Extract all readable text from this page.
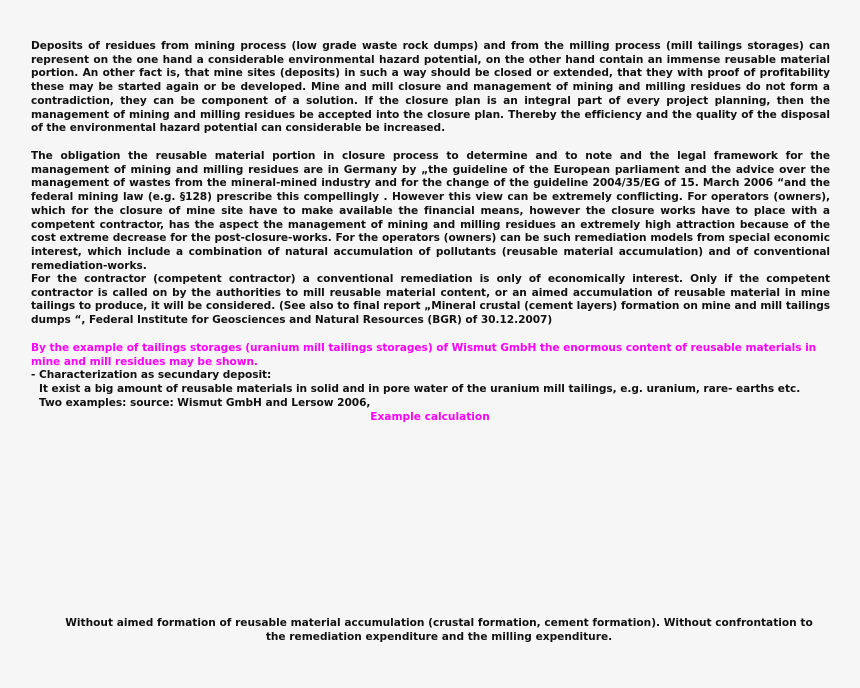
Deposits of residues from mining process (low grade waste rock dumps) and from the milling process (mill tailings storages) can represent on the one hand a considerable environmental hazard potential, on the other hand contain an immense reusable material portion. An other fact is, that mine sites (deposits) in such a way should be closed or extended, that they with proof of profitability these may be started again or be developed. Mine and mill closure and management of mining and milling residues do not form a contradiction, they can be component of a solution. If the closure plan is an integral part of every project planning, then the management of mining and milling residues be accepted into the closure plan. Thereby the efficiency and the quality of the disposal of the environmental hazard potential can considerable be increased.

The obligation the reusable material portion in closure process to determine and to note and the legal framework for the management of mining and milling residues are in Germany by „the guideline of the European parliament and the advice over the management of wastes from the mineral-mined industry and for the change of the guideline 2004/35/EG of 15. March 2006 “and the federal mining law (e.g. §128) prescribe this compellingly . However this view can be extremely conflicting. For operators (owners), which for the closure of mine site have to make available the financial means, however the closure works have to place with a competent contractor, has the aspect the management of mining and milling residues an extremely high attraction because of the cost extreme decrease for the post-closure-works. For the operators (owners) can be such remediation models from special economic interest, which include a combination of natural accumulation of pollutants (reusable material accumulation) and of conventional remediation-works.

For the contractor (competent contractor) a conventional remediation is only of economically interest. Only if the competent contractor is called on by the authorities to mill reusable material content, or an aimed accumulation of reusable material in mine tailings to produce, it will be considered. (See also to final report „Mineral crustal (cement layers) formation on mine and mill tailings dumps “, Federal Institute for Geosciences and Natural Resources (BGR) of 30.12.2007)

By the example of tailings storages (uranium mill tailings storages) of Wismut GmbH the enormous content of reusable materials in mine and mill residues may be shown.
- Characterization as secundary deposit:
It exist a big amount of reusable materials in solid and in pore water of the uranium mill tailings, e.g. uranium, rare- earths etc.
Two examples: source: Wismut GmbH and Lersow 2006,
Example calculation
Without aimed formation of reusable material accumulation (crustal formation, cement formation). Without confrontation to the remediation expenditure and the milling expenditure.
